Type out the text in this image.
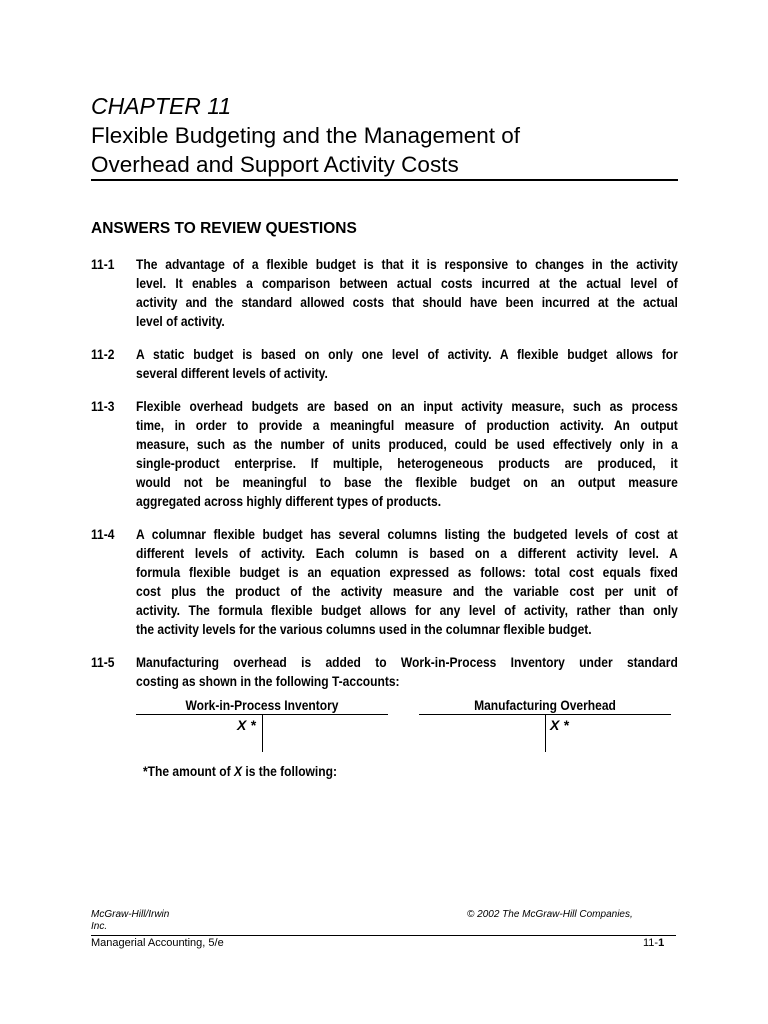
CHAPTER 11
Flexible Budgeting and the Management of
Overhead and Support Activity Costs
ANSWERS TO REVIEW QUESTIONS
11-1 The advantage of a flexible budget is that it is responsive to changes in the activity
level. It enables a comparison between actual costs incurred at the actual level of
activity and the standard allowed costs that should have been incurred at the actual
level of activity.
11-2 A static budget is based on only one level of activity. A flexible budget allows for
several different levels of activity.
11-3 Flexible overhead budgets are based on an input activity measure, such as process
time, in order to provide a meaningful measure of production activity. An output
measure, such as the number of units produced, could be used effectively only in a
single-product enterprise. If multiple, heterogeneous products are produced, it
would not be meaningful to base the flexible budget on an output measure
aggregated across highly different types of products.
11-4 A columnar flexible budget has several columns listing the budgeted levels of cost at
different levels of activity. Each column is based on a different activity level. A
formula flexible budget is an equation expressed as follows: total cost equals fixed
cost plus the product of the activity measure and the variable cost per unit of
activity. The formula flexible budget allows for any level of activity, rather than only
the activity levels for the various columns used in the columnar flexible budget.
11-5 Manufacturing overhead is added to Work-in-Process Inventory under standard
costing as shown in the following T-accounts:
Work-in-Process Inventory
X *
Manufacturing Overhead
X *
*The amount of X is the following:
McGraw-Hill/Irwin
Inc.
© 2002 The McGraw-Hill Companies,
Managerial Accounting, 5/e	11-1
